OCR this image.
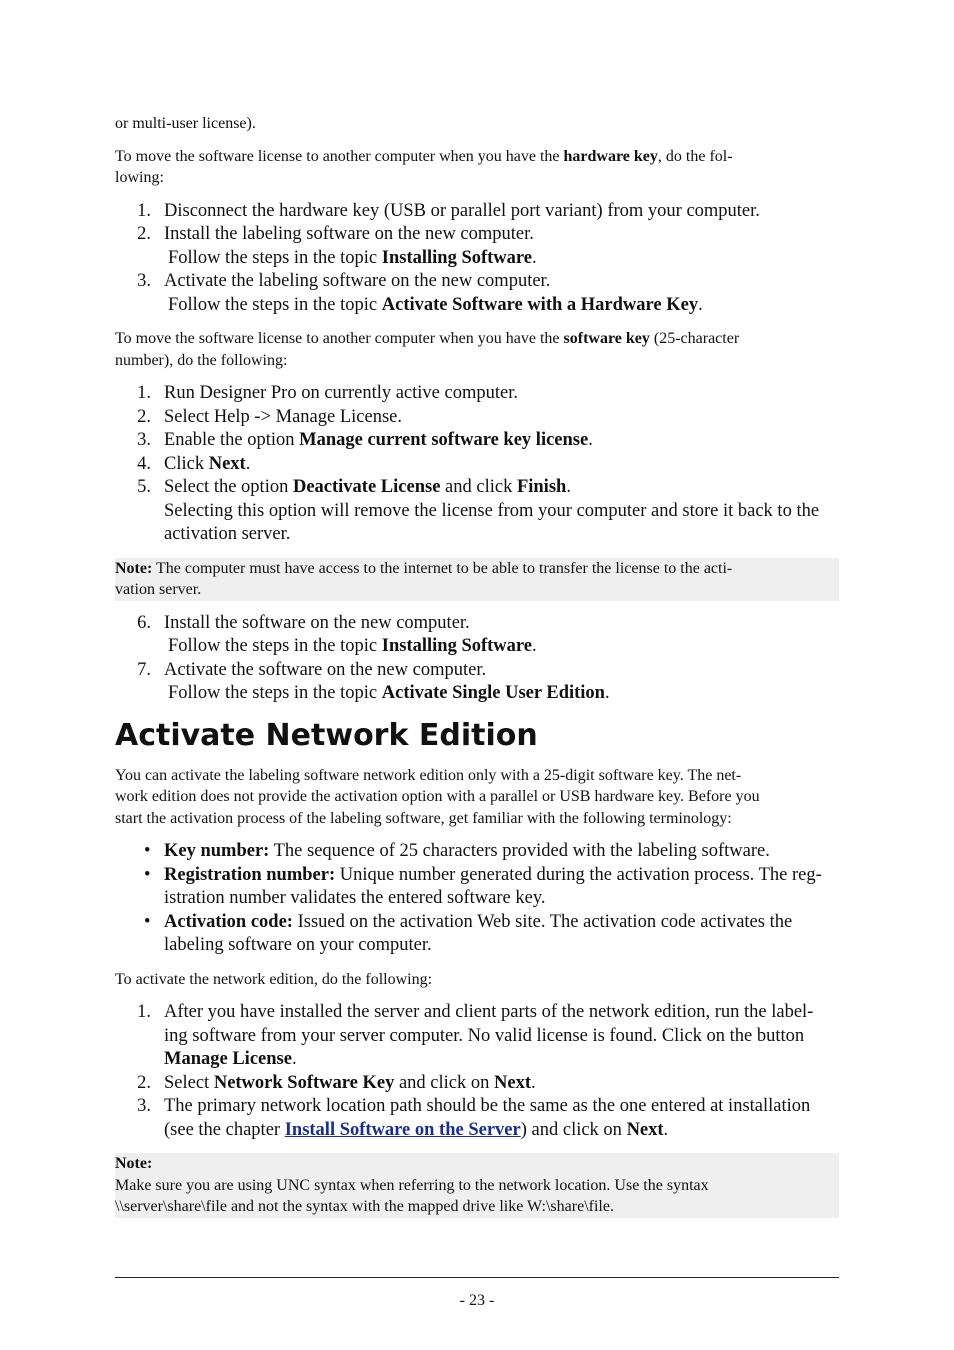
or multi-user license).

To move the software license to another computer when you have the hardware key, do the fol-
lowing:

1. Disconnect the hardware key (USB or parallel port variant) from your computer.
2. Install the labeling software on the new computer.
Follow the steps in the topic Installing Software.
3. Activate the labeling software on the new computer.
Follow the steps in the topic Activate Software with a Hardware Key.

To move the software license to another computer when you have the software key (25-character
number), do the following:

1. Run Designer Pro on currently active computer.
2. Select Help -> Manage License.
3. Enable the option Manage current software key license.
4. Click Next.
5. Select the option Deactivate License and click Finish.
Selecting this option will remove the license from your computer and store it back to the
activation server.
Note: The computer must have access to the internet to be able to transfer the license to the acti-
vation server.
6. Install the software on the new computer.
Follow the steps in the topic Installing Software.
7. Activate the software on the new computer.
Follow the steps in the topic Activate Single User Edition.
Activate Network Edition

You can activate the labeling software network edition only with a 25-digit software key. The net-
work edition does not provide the activation option with a parallel or USB hardware key. Before you
start the activation process of the labeling software, get familiar with the following terminology:

• Key number: The sequence of 25 characters provided with the labeling software.
• Registration number: Unique number generated during the activation process. The reg-
istration number validates the entered software key.
• Activation code: Issued on the activation Web site. The activation code activates the
labeling software on your computer.

To activate the network edition, do the following:

1. After you have installed the server and client parts of the network edition, run the label-
ing software from your server computer. No valid license is found. Click on the button
Manage License.
2. Select Network Software Key and click on Next.
3. The primary network location path should be the same as the one entered at installation
(see the chapter Install Software on the Server) and click on Next.
Note:
Make sure you are using UNC syntax when referring to the network location. Use the syntax
\\server\share\file and not the syntax with the mapped drive like W:\share\file.
- 23 -
